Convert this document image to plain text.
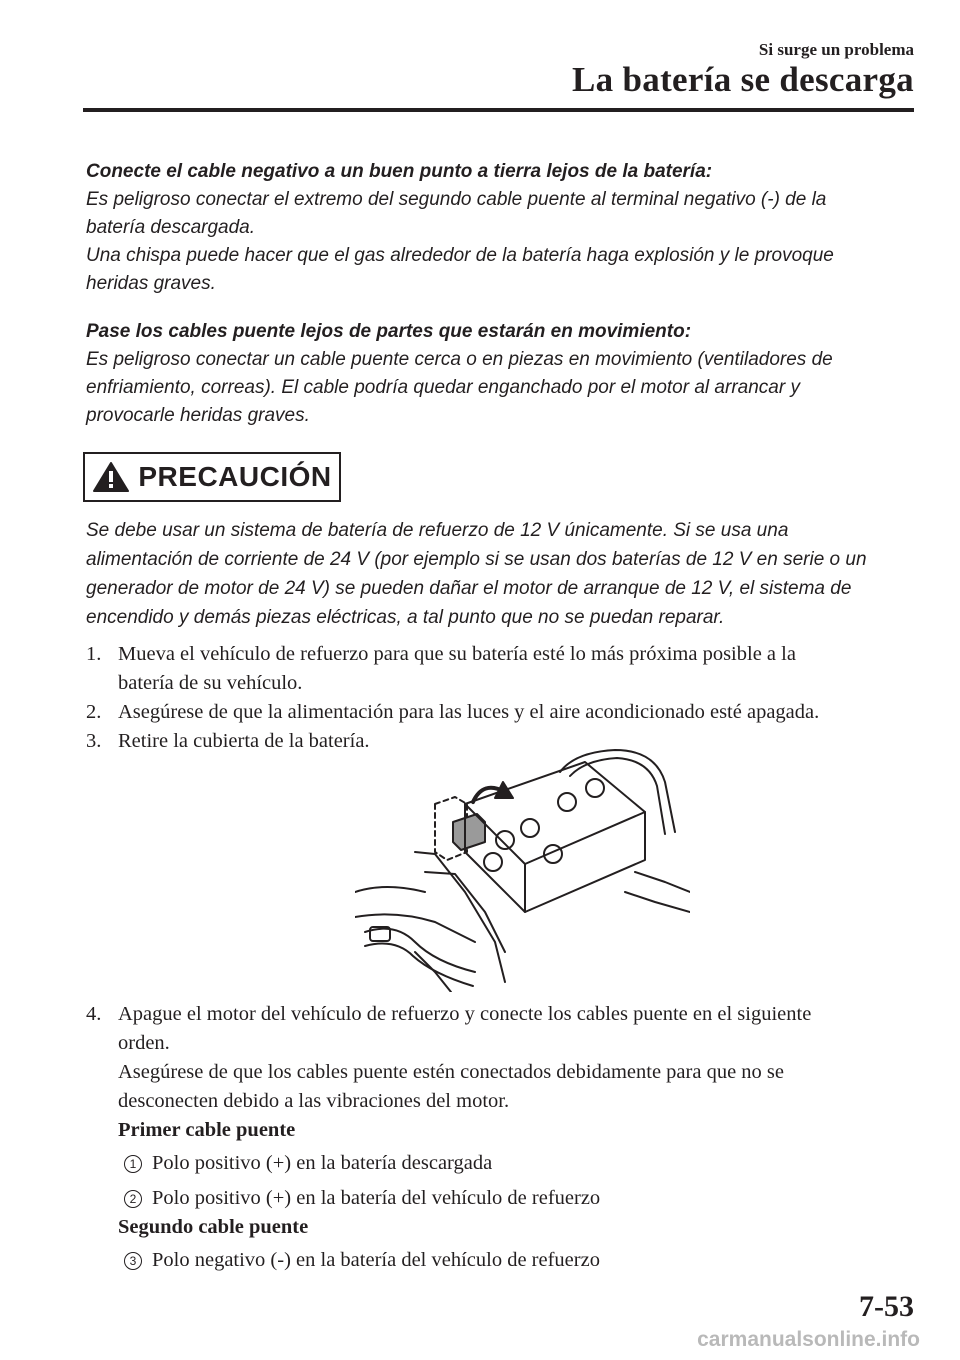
Si surge un problema
La batería se descarga

Conecte el cable negativo a un buen punto a tierra lejos de la batería:

Es peligroso conectar el extremo del segundo cable puente al terminal negativo (-) de la

batería descargada.

Una chispa puede hacer que el gas alrededor de la batería haga explosión y le provoque

heridas graves.

Pase los cables puente lejos de partes que estarán en movimiento:

Es peligroso conectar un cable puente cerca o en piezas en movimiento (ventiladores de

enfriamiento, correas). El cable podría quedar enganchado por el motor al arrancar y

provocarle heridas graves.

PRECAUCIÓN
Se debe usar un sistema de batería de refuerzo de 12 V únicamente. Si se usa una
alimentación de corriente de 24 V (por ejemplo si se usan dos baterías de 12 V en serie o un
generador de motor de 24 V) se pueden dañar el motor de arranque de 12 V, el sistema de
encendido y demás piezas eléctricas, a tal punto que no se puedan reparar.
1. Mueva el vehículo de refuerzo para que su batería esté lo más próxima posible a la
batería de su vehículo.
2. Asegúrese de que la alimentación para las luces y el aire acondicionado esté apagada.
3. Retire la cubierta de la batería.
4. Apague el motor del vehículo de refuerzo y conecte los cables puente en el siguiente
orden.
Asegúrese de que los cables puente estén conectados debidamente para que no se
desconecten debido a las vibraciones del motor.
Primer cable puente
1 Polo positivo (+) en la batería descargada
2 Polo positivo (+) en la batería del vehículo de refuerzo
Segundo cable puente
3 Polo negativo (-) en la batería del vehículo de refuerzo
7-53
carmanualsonline.info
